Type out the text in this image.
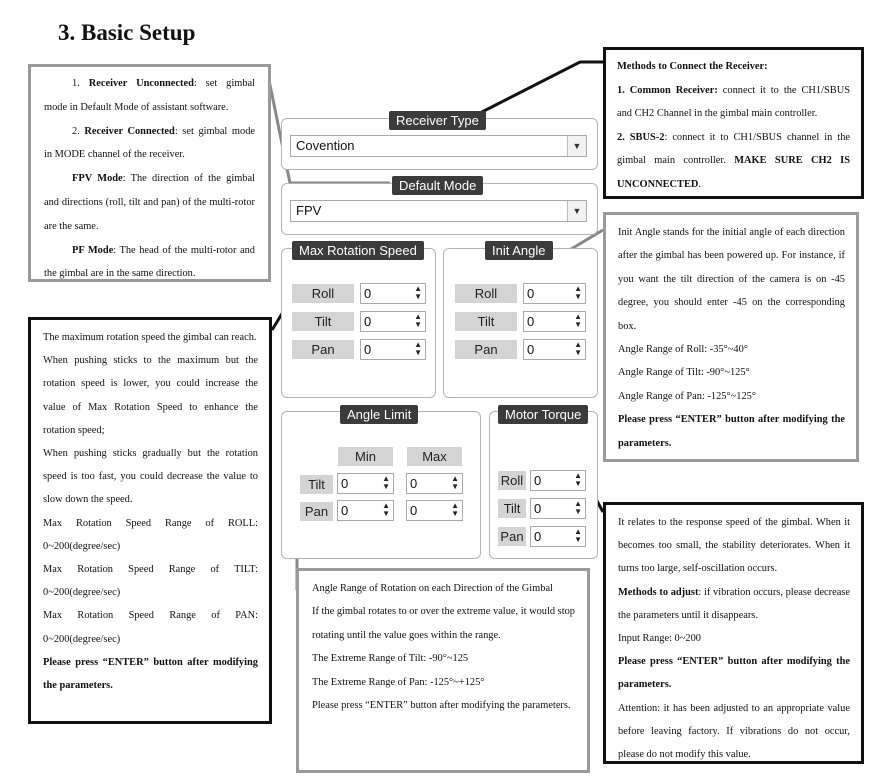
3. Basic Setup
Receiver Type
Covention	▼
Default Mode
FPV	▼
Max Rotation Speed
Roll	0	▲
▼
Tilt	0	▲
▼
Pan	0	▲
▼
Init Angle
Roll	0	▲
▼
Tilt	0	▲
▼
Pan	0	▲
▼
Angle Limit
Min	Max
Tilt	0	▲
▼	0	▲
▼
Pan 0	▲
▼	0	▲
▼
Motor Torque
Roll 0	▲
▼
Tilt	0	▲
▼
Pan 0	▲
▼

1. Receiver Unconnected: set gimbal mode in Default Mode of assistant software.

2. Receiver Connected: set gimbal mode in MODE channel of the receiver.

FPV Mode: The direction of the gimbal and directions (roll, tilt and pan) of the multi-rotor are the same.

PF Mode: The head of the multi-rotor and the gimbal are in the same direction.

Methods to Connect the Receiver:

1. Common Receiver: connect it to the CH1/SBUS and CH2 Channel in the gimbal main controller.

2. SBUS-2: connect it to CH1/SBUS channel in the gimbal main controller. MAKE SURE CH2 IS UNCONNECTED.

The maximum rotation speed the gimbal can reach.

When pushing sticks to the maximum but the rotation speed is lower, you could increase the value of Max Rotation Speed to enhance the rotation speed;

When pushing sticks gradually but the rotation speed is too fast, you could decrease the value to slow down the speed.

Max Rotation Speed Range of ROLL: 0~200(degree/sec)

Max Rotation Speed Range of TILT: 0~200(degree/sec)

Max Rotation Speed Range of PAN: 0~200(degree/sec)

Please press “ENTER” button after modifying the parameters.

Init Angle stands for the initial angle of each direction after the gimbal has been powered up. For instance, if you want the tilt direction of the camera is on -45 degree, you should enter -45 on the corresponding box.

Angle Range of Roll: -35°~40°

Angle Range of Tilt: -90°~125°

Angle Range of Pan: -125°~125°

Please press “ENTER” button after modifying the parameters.

Angle Range of Rotation on each Direction of the Gimbal

If the gimbal rotates to or over the extreme value, it would stop rotating until the value goes within the range.

The Extreme Range of Tilt: -90°~125

The Extreme Range of Pan: -125°~+125°

Please press “ENTER” button after modifying the parameters.

It relates to the response speed of the gimbal. When it becomes too small, the stability deteriorates. When it turns too large, self-oscillation occurs.

Methods to adjust: if vibration occurs, please decrease the parameters until it disappears.

Input Range: 0~200

Please press “ENTER” button after modifying the parameters.

Attention: it has been adjusted to an appropriate value before leaving factory. If vibrations do not occur, please do not modify this value.
